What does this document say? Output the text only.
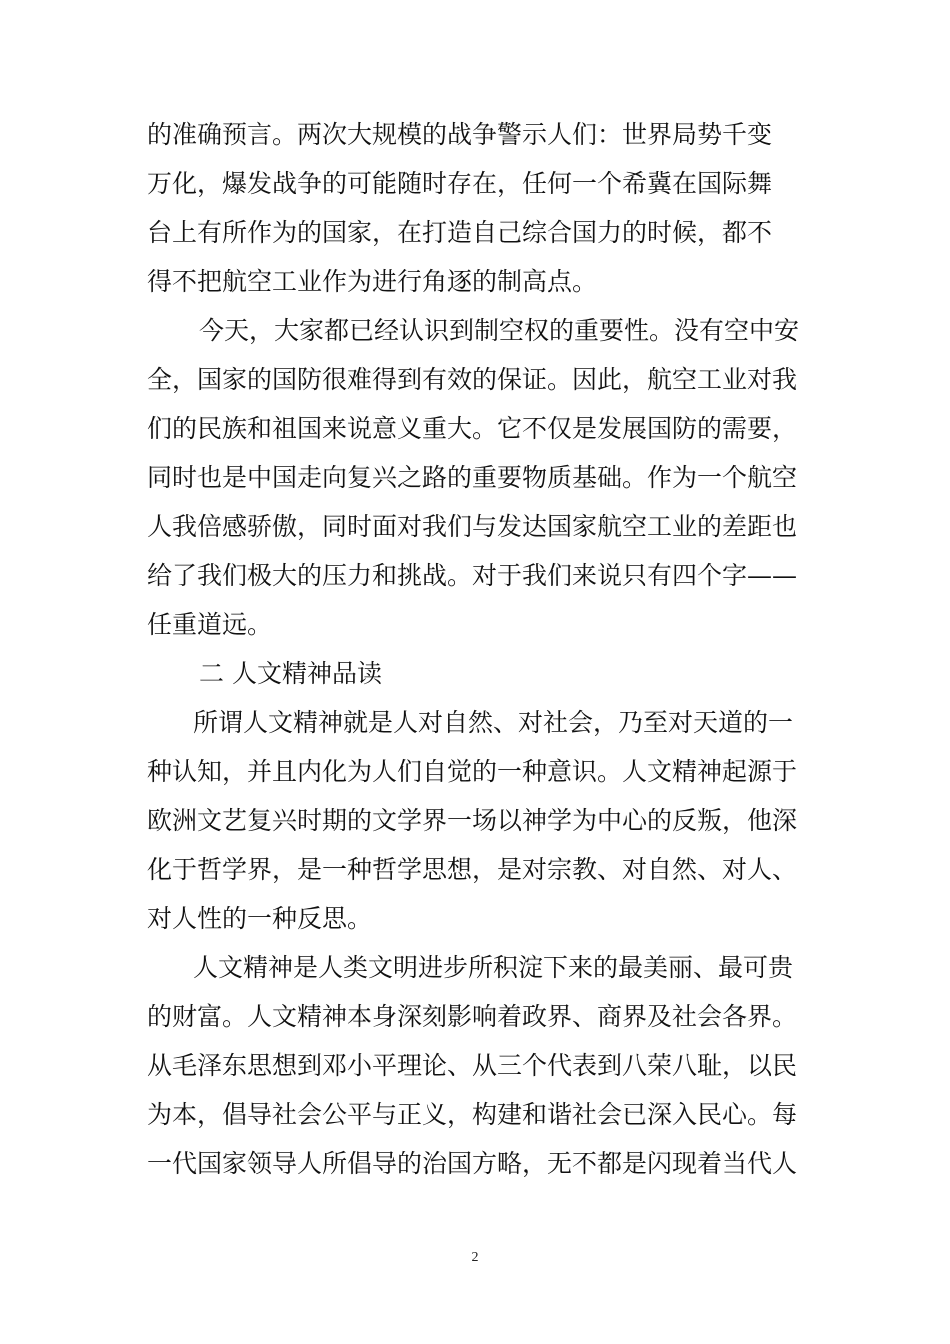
的准确预言。两次大规模的战争警示人们：世界局势千变
万化，爆发战争的可能随时存在，任何一个希冀在国际舞
台上有所作为的国家，在打造自己综合国力的时候，都不
得不把航空工业作为进行角逐的制高点。
今天，大家都已经认识到制空权的重要性。没有空中安
全，国家的国防很难得到有效的保证。因此，航空工业对我
们的民族和祖国来说意义重大。它不仅是发展国防的需要，
同时也是中国走向复兴之路的重要物质基础。作为一个航空
人我倍感骄傲，同时面对我们与发达国家航空工业的差距也
给了我们极大的压力和挑战。对于我们来说只有四个字——
任重道远。
二 人文精神品读
所谓人文精神就是人对自然、对社会，乃至对天道的一
种认知，并且内化为人们自觉的一种意识。人文精神起源于
欧洲文艺复兴时期的文学界一场以神学为中心的反叛，他深
化于哲学界，是一种哲学思想，是对宗教、对自然、对人、
对人性的一种反思。
人文精神是人类文明进步所积淀下来的最美丽、最可贵
的财富。人文精神本身深刻影响着政界、商界及社会各界。
从毛泽东思想到邓小平理论、从三个代表到八荣八耻，以民
为本，倡导社会公平与正义，构建和谐社会已深入民心。每
一代国家领导人所倡导的治国方略，无不都是闪现着当代人
2
